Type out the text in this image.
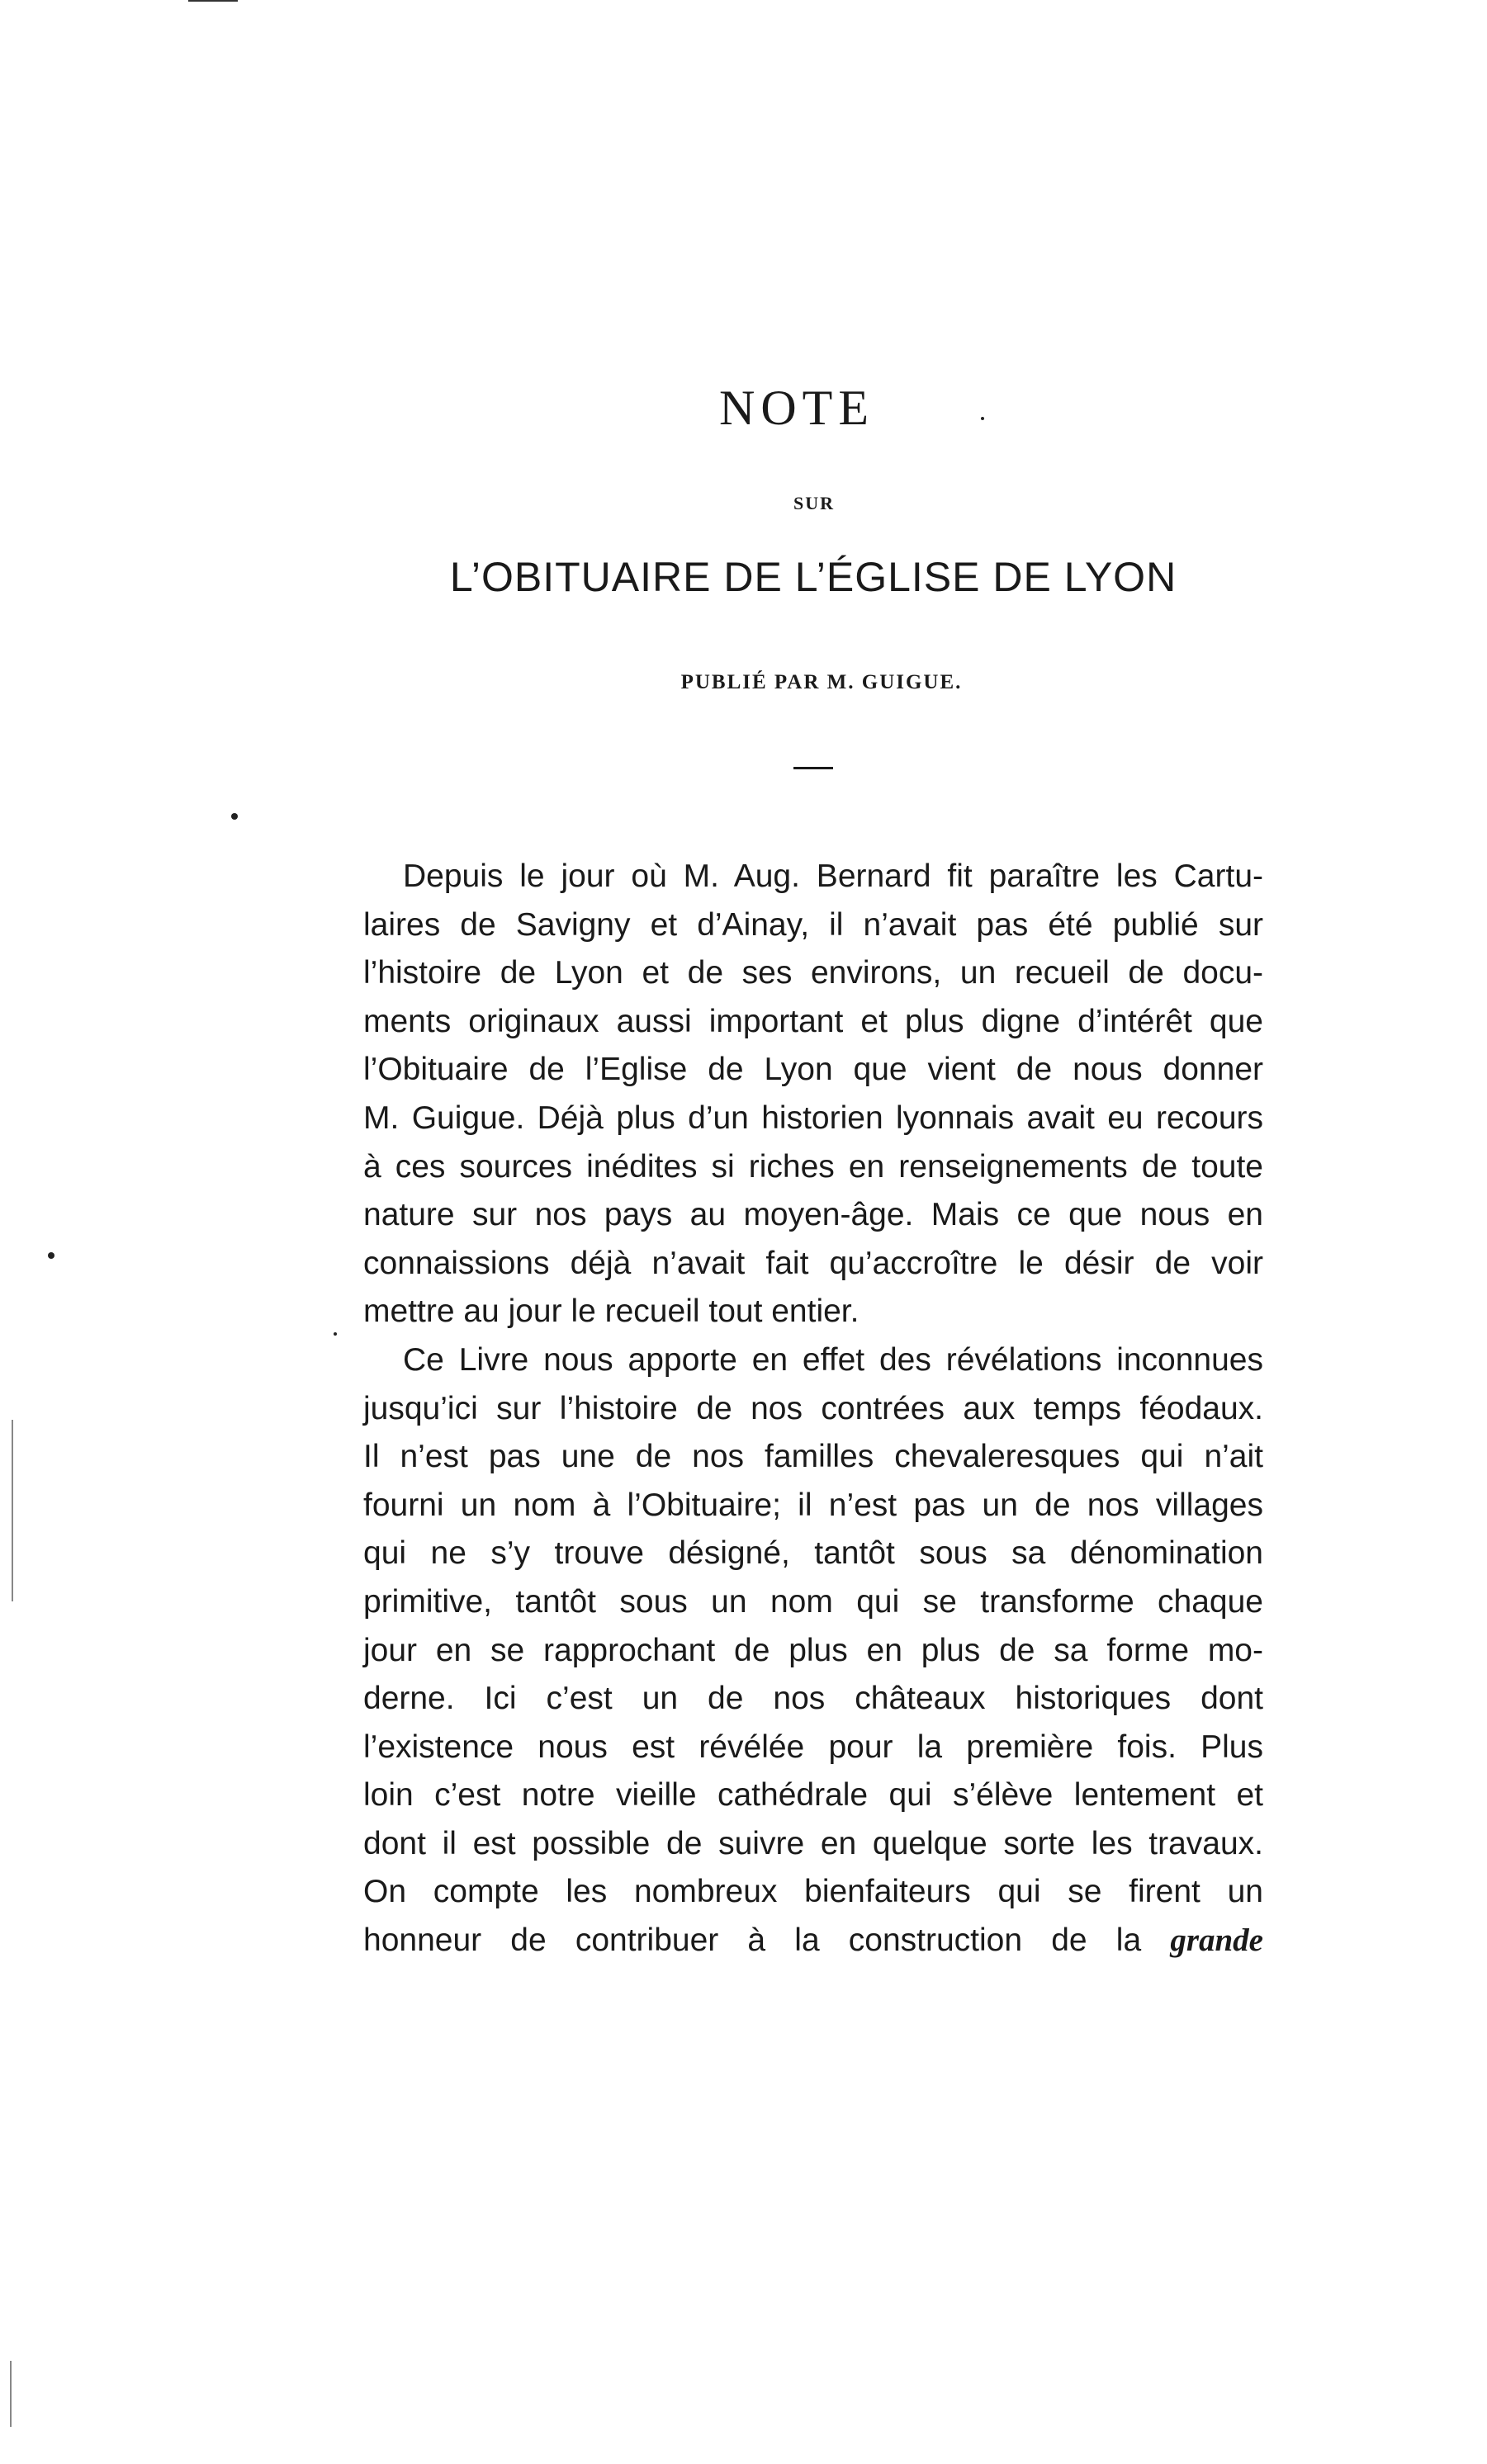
NOTE
SUR
L’OBITUAIRE DE L’ÉGLISE DE LYON
PUBLIÉ PAR M. GUIGUE.
Depuis le jour où M. Aug. Bernard fit paraître les Cartu-
laires de Savigny et d’Ainay, il n’avait pas été publié sur
l’histoire de Lyon et de ses environs, un recueil de docu-
ments originaux aussi important et plus digne d’intérêt que
l’Obituaire de l’Eglise de Lyon que vient de nous donner
M. Guigue. Déjà plus d’un historien lyonnais avait eu recours
à ces sources inédites si riches en renseignements de toute
nature sur nos pays au moyen-âge. Mais ce que nous en
connaissions déjà n’avait fait qu’accroître le désir de voir
mettre au jour le recueil tout entier.
Ce Livre nous apporte en effet des révélations inconnues
jusqu’ici sur l’histoire de nos contrées aux temps féodaux.
Il n’est pas une de nos familles chevaleresques qui n’ait
fourni un nom à l’Obituaire; il n’est pas un de nos villages
qui ne s’y trouve désigné, tantôt sous sa dénomination
primitive, tantôt sous un nom qui se transforme chaque
jour en se rapprochant de plus en plus de sa forme mo-
derne. Ici c’est un de nos châteaux historiques dont
l’existence nous est révélée pour la première fois. Plus
loin c’est notre vieille cathédrale qui s’élève lentement et
dont il est possible de suivre en quelque sorte les travaux.
On compte les nombreux bienfaiteurs qui se firent un
honneur de contribuer à la construction de la grande
